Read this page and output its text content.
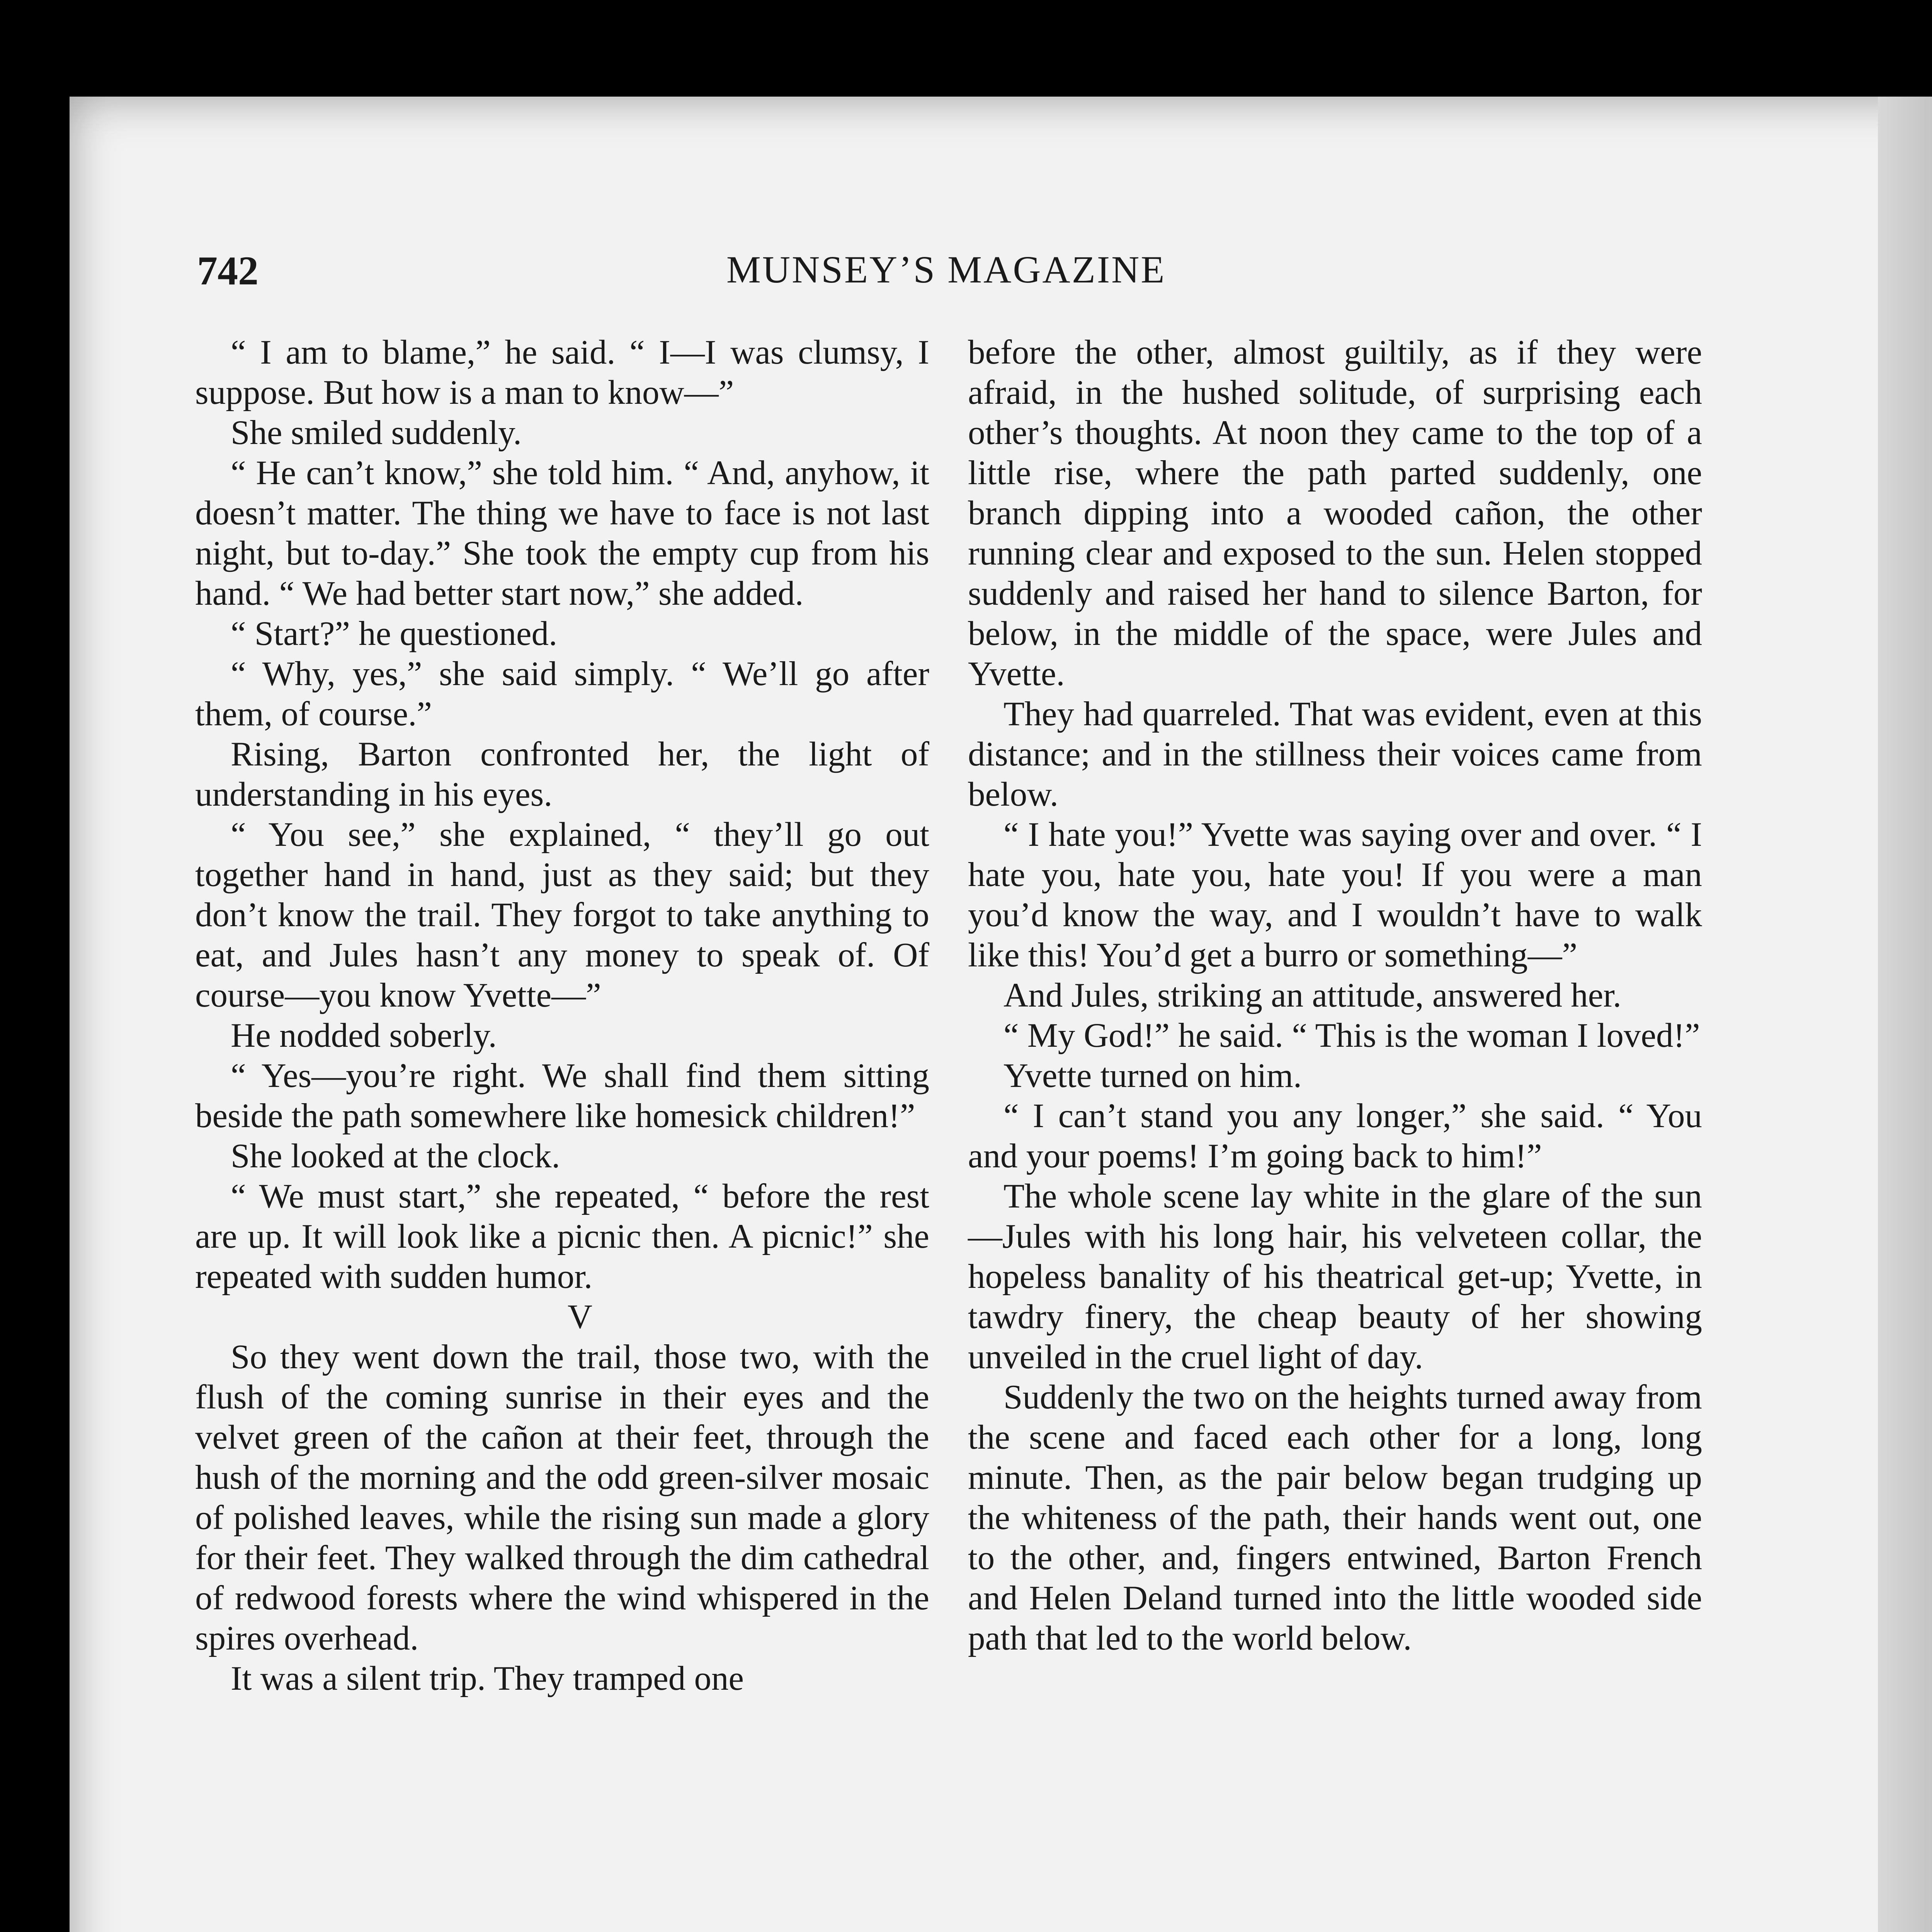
742	MUNSEY’S MAGAZINE

“ I am to blame,” he said. “ I—I was clumsy, I suppose. But how is a man to know—”

She smiled suddenly.

“ He can’t know,” she told him. “ And, anyhow, it doesn’t matter. The thing we have to face is not last night, but to-day.” She took the empty cup from his hand. “ We had better start now,” she added.

“ Start?” he questioned.

“ Why, yes,” she said simply. “ We’ll go after them, of course.”

Rising, Barton confronted her, the light of understanding in his eyes.

“ You see,” she explained, “ they’ll go out together hand in hand, just as they said; but they don’t know the trail. They forgot to take anything to eat, and Jules hasn’t any money to speak of. Of course—you know Yvette—”

He nodded soberly.

“ Yes—you’re right. We shall find them sitting beside the path somewhere like homesick children!”

She looked at the clock.

“ We must start,” she repeated, “ before the rest are up. It will look like a picnic then. A picnic!” she repeated with sudden humor.

V

So they went down the trail, those two, with the flush of the coming sunrise in their eyes and the velvet green of the cañon at their feet, through the hush of the morning and the odd green-silver mosaic of polished leaves, while the rising sun made a glory for their feet. They walked through the dim cathedral of redwood forests where the wind whispered in the spires overhead.

It was a silent trip. They tramped one

before the other, almost guiltily, as if they were afraid, in the hushed solitude, of surprising each other’s thoughts. At noon they came to the top of a little rise, where the path parted suddenly, one branch dipping into a wooded cañon, the other running clear and exposed to the sun. Helen stopped suddenly and raised her hand to silence Barton, for below, in the middle of the space, were Jules and Yvette.

They had quarreled. That was evident, even at this distance; and in the stillness their voices came from below.

“ I hate you!” Yvette was saying over and over. “ I hate you, hate you, hate you! If you were a man you’d know the way, and I wouldn’t have to walk like this! You’d get a burro or something—”

And Jules, striking an attitude, answered her.

“ My God!” he said. “ This is the woman I loved!”

Yvette turned on him.

“ I can’t stand you any longer,” she said. “ You and your poems! I’m going back to him!”

The whole scene lay white in the glare of the sun—Jules with his long hair, his velveteen collar, the hopeless banality of his theatrical get-up; Yvette, in tawdry finery, the cheap beauty of her showing unveiled in the cruel light of day.

Suddenly the two on the heights turned away from the scene and faced each other for a long, long minute. Then, as the pair below began trudging up the whiteness of the path, their hands went out, one to the other, and, fingers entwined, Barton French and Helen Deland turned into the little wooded side path that led to the world below.
